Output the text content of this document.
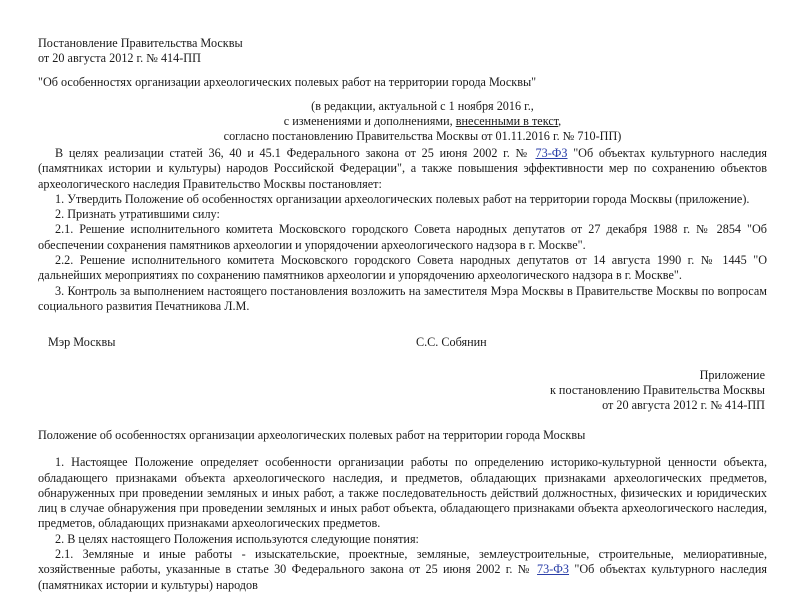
Постановление Правительства Москвы
от 20 августа 2012 г. № 414-ПП
"Об особенностях организации археологических полевых работ на территории города Москвы"
(в редакции, актуальной с 1 ноября 2016 г.,
с изменениями и дополнениями, внесенными в текст,
согласно постановлению Правительства Москвы от 01.11.2016 г. № 710-ПП)

В целях реализации статей 36, 40 и 45.1 Федерального закона от 25 июня 2002 г. № 73-ФЗ "Об объектах культурного наследия (памятниках истории и культуры) народов Российской Федерации", а также повышения эффективности мер по сохранению объектов археологического наследия Правительство Москвы постановляет:

1. Утвердить Положение об особенностях организации археологических полевых работ на территории города Москвы (приложение).

2. Признать утратившими силу:

2.1. Решение исполнительного комитета Московского городского Совета народных депутатов от 27 декабря 1988 г. № 2854 "Об обеспечении сохранения памятников археологии и упорядочении археологического надзора в г. Москве".

2.2. Решение исполнительного комитета Московского городского Совета народных депутатов от 14 августа 1990 г. № 1445 "О дальнейших мероприятиях по сохранению памятников археологии и упорядочению археологического надзора в г. Москве".

3. Контроль за выполнением настоящего постановления возложить на заместителя Мэра Москвы в Правительстве Москвы по вопросам социального развития Печатникова Л.М.

Мэр Москвы	С.С. Собянин
Приложение
к постановлению Правительства Москвы
от 20 августа 2012 г. № 414-ПП
Положение об особенностях организации археологических полевых работ на территории города Москвы

1. Настоящее Положение определяет особенности организации работы по определению историко-культурной ценности объекта, обладающего признаками объекта археологического наследия, и предметов, обладающих признаками археологических предметов, обнаруженных при проведении земляных и иных работ, а также последовательность действий должностных, физических и юридических лиц в случае обнаружения при проведении земляных и иных работ объекта, обладающего признаками объекта археологического наследия, предметов, обладающих признаками археологических предметов.

2. В целях настоящего Положения используются следующие понятия:

2.1. Земляные и иные работы - изыскательские, проектные, земляные, землеустроительные, строительные, мелиоративные, хозяйственные работы, указанные в статье 30 Федерального закона от 25 июня 2002 г. № 73-ФЗ "Об объектах культурного наследия (памятниках истории и культуры) народов
